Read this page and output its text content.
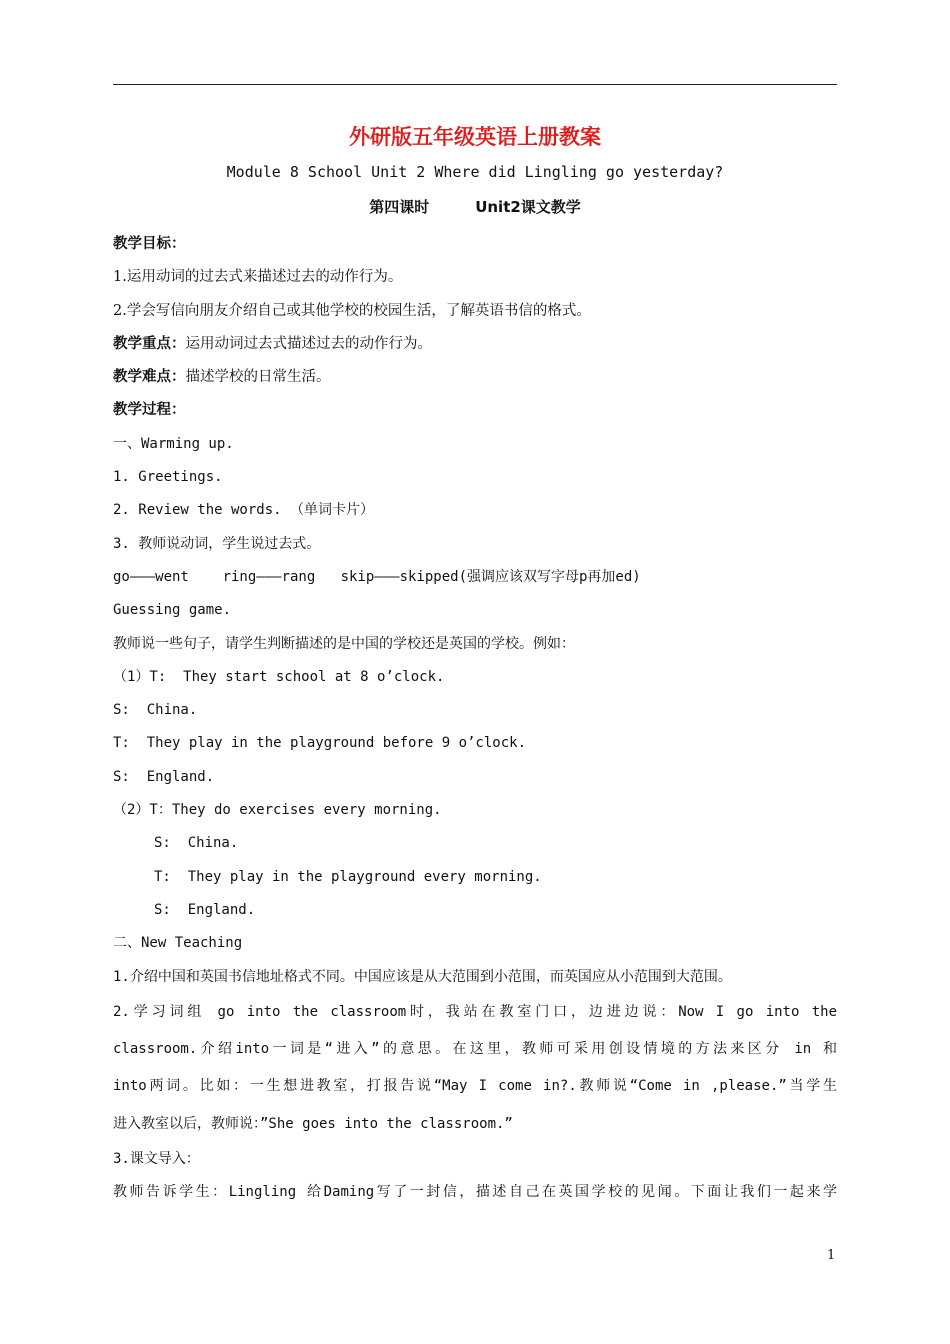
外研版五年级英语上册教案
Module 8 School Unit 2 Where did Lingling go yesterday?
第四课时	Unit2课文教学
教学目标：
1.运用动词的过去式来描述过去的动作行为。
2.学会写信向朋友介绍自己或其他学校的校园生活，了解英语书信的格式。
教学重点：运用动词过去式描述过去的动作行为。
教学难点：描述学校的日常生活。
教学过程：
一、Warming up.
1. Greetings.
2. Review the words. （单词卡片）
3. 教师说动词，学生说过去式。
go———went    ring———rang   skip———skipped(强调应该双写字母p再加ed)
Guessing game.
教师说一些句子，请学生判断描述的是中国的学校还是英国的学校。例如：
（1）T:  They start school at 8 o’clock.
S:  China.
T:  They play in the playground before 9 o’clock.
S:  England.
（2）T：They do exercises every morning.
S:  China.
T:  They play in the playground every morning.
S:  England.
二、New Teaching
1.介绍中国和英国书信地址格式不同。中国应该是从大范围到小范围，而英国应从小范围到大范围。
2.学习词组 go into the classroom时，我站在教室门口，边进边说：Now I go into the
classroom.介绍into一词是“进入”的意思。在这里，教师可采用创设情境的方法来区分 in 和
into两词。比如：一生想进教室，打报告说“May I come in?.教师说“Come in ,please.”当学生
进入教室以后，教师说：”She goes into the classroom.”
3.课文导入：
教师告诉学生：Lingling 给Daming写了一封信，描述自己在英国学校的见闻。下面让我们一起来学
1
